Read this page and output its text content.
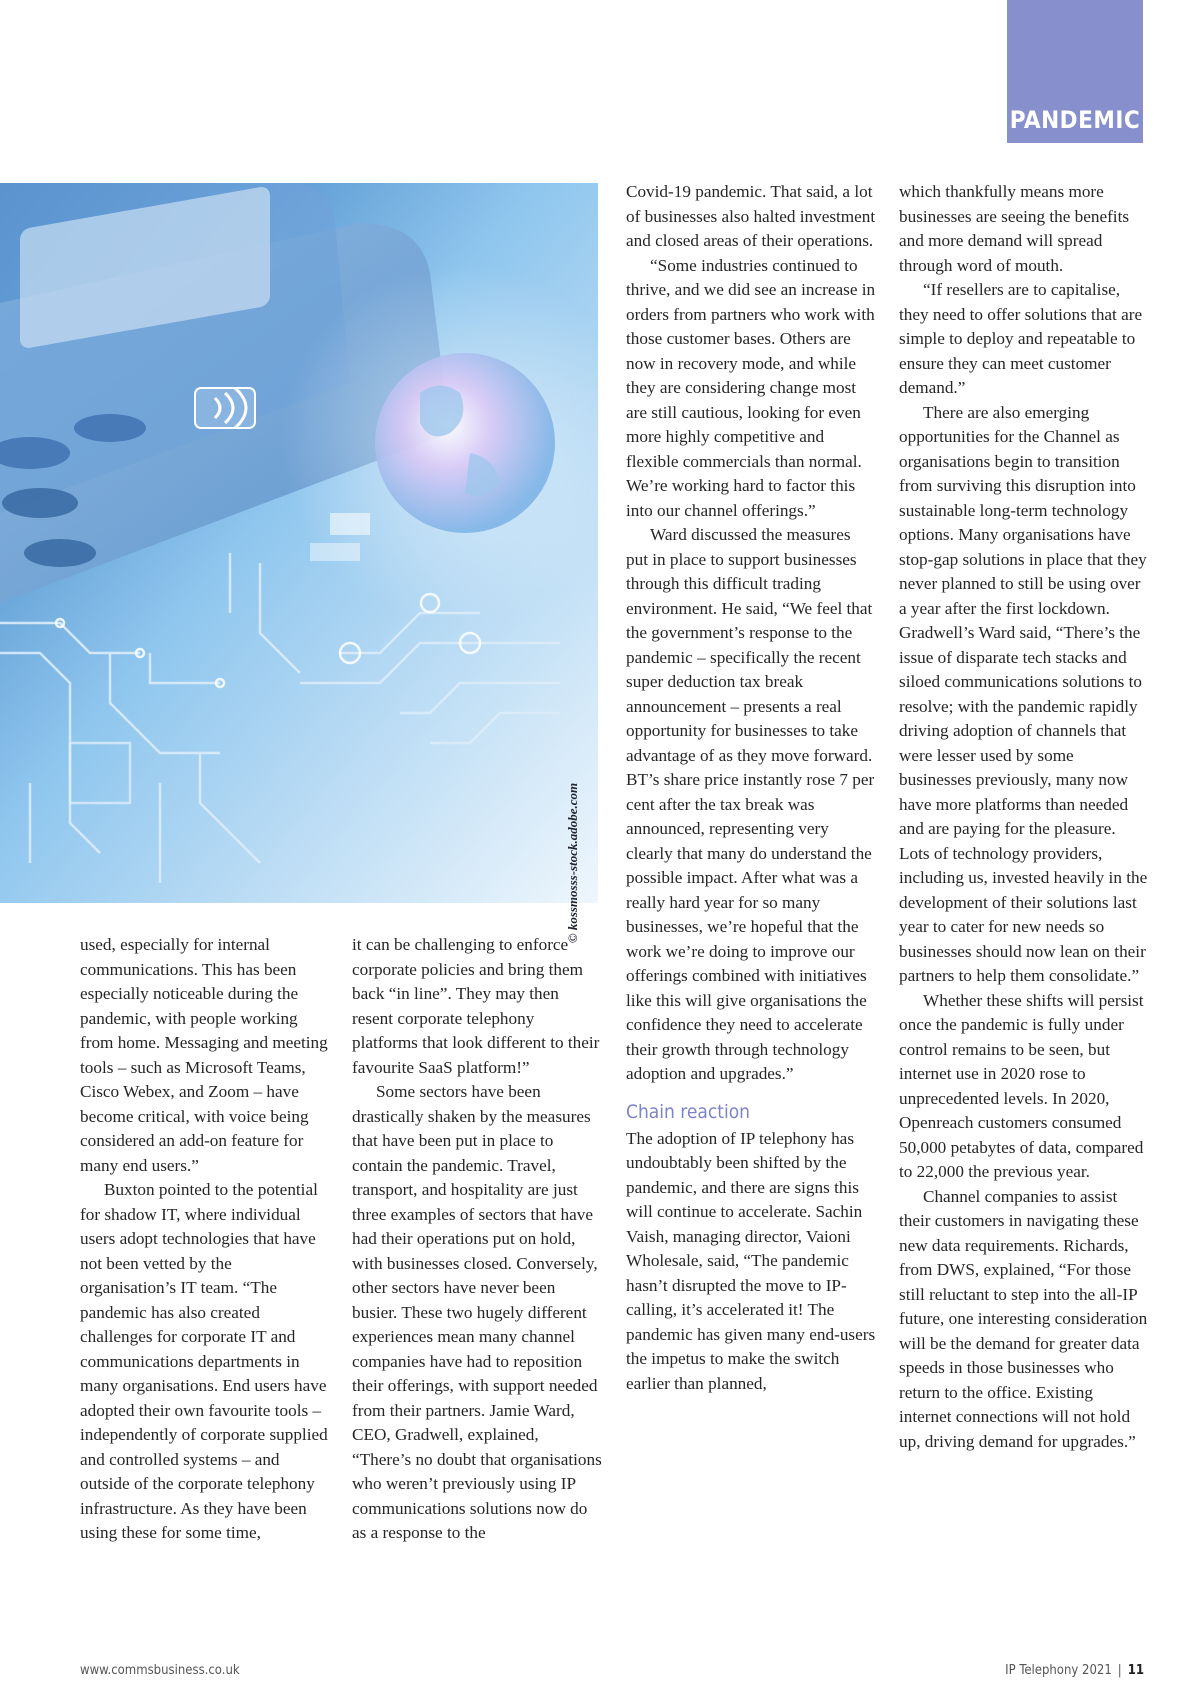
PANDEMIC
© kossmosss-stock.adobe.com

used, especially for internal communications. This has been especially noticeable during the pandemic, with people working from home. Messaging and meeting tools – such as Microsoft Teams, Cisco Webex, and Zoom – have become critical, with voice being considered an add-on feature for many end users.”

Buxton pointed to the potential for shadow IT, where individual users adopt technologies that have not been vetted by the organisation’s IT team. “The pandemic has also created challenges for corporate IT and communications departments in many organisations. End users have adopted their own favourite tools – independently of corporate supplied and controlled systems – and outside of the corporate telephony infrastructure. As they have been using these for some time,

it can be challenging to enforce corporate policies and bring them back “in line”. They may then resent corporate telephony platforms that look different to their favourite SaaS platform!”

Some sectors have been drastically shaken by the measures that have been put in place to contain the pandemic. Travel, transport, and hospitality are just three examples of sectors that have had their operations put on hold, with businesses closed. Conversely, other sectors have never been busier. These two hugely different experiences mean many channel companies have had to reposition their offerings, with support needed from their partners. Jamie Ward, CEO, Gradwell, explained, “There’s no doubt that organisations who weren’t previously using IP communications solutions now do as a response to the

Covid-19 pandemic. That said, a lot of businesses also halted investment and closed areas of their operations.

“Some industries continued to thrive, and we did see an increase in orders from partners who work with those customer bases. Others are now in recovery mode, and while they are considering change most are still cautious, looking for even more highly competitive and flexible commercials than normal. We’re working hard to factor this into our channel offerings.”

Ward discussed the measures put in place to support businesses through this difficult trading environment. He said, “We feel that the government’s response to the pandemic – specifically the recent super deduction tax break announcement – presents a real opportunity for businesses to take advantage of as they move forward. BT’s share price instantly rose 7 per cent after the tax break was announced, representing very clearly that many do understand the possible impact. After what was a really hard year for so many businesses, we’re hopeful that the work we’re doing to improve our offerings combined with initiatives like this will give organisations the confidence they need to accelerate their growth through technology adoption and upgrades.”

Chain reaction

The adoption of IP telephony has undoubtably been shifted by the pandemic, and there are signs this will continue to accelerate. Sachin Vaish, managing director, Vaioni Wholesale, said, “The pandemic hasn’t disrupted the move to IP-calling, it’s accelerated it! The pandemic has given many end-users the impetus to make the switch earlier than planned,

which thankfully means more businesses are seeing the benefits and more demand will spread through word of mouth.

“If resellers are to capitalise, they need to offer solutions that are simple to deploy and repeatable to ensure they can meet customer demand.”

There are also emerging opportunities for the Channel as organisations begin to transition from surviving this disruption into sustainable long-term technology options. Many organisations have stop-gap solutions in place that they never planned to still be using over a year after the first lockdown. Gradwell’s Ward said, “There’s the issue of disparate tech stacks and siloed communications solutions to resolve; with the pandemic rapidly driving adoption of channels that were lesser used by some businesses previously, many now have more platforms than needed and are paying for the pleasure. Lots of technology providers, including us, invested heavily in the development of their solutions last year to cater for new needs so businesses should now lean on their partners to help them consolidate.”

Whether these shifts will persist once the pandemic is fully under control remains to be seen, but internet use in 2020 rose to unprecedented levels. In 2020, Openreach customers consumed 50,000 petabytes of data, compared to 22,000 the previous year.

Channel companies to assist their customers in navigating these new data requirements. Richards, from DWS, explained, “For those still reluctant to step into the all-IP future, one interesting consideration will be the demand for greater data speeds in those businesses who return to the office. Existing internet connections will not hold up, driving demand for upgrades.”

www.commsbusiness.co.uk	IP Telephony 2021 | 11
